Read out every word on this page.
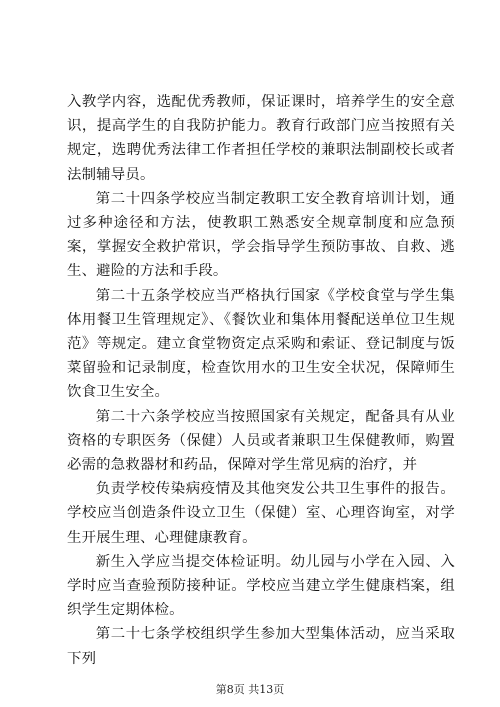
入教学内容，选配优秀教师，保证课时，培养学生的安全意识，提高学生的自我防护能力。教育行政部门应当按照有关规定，选聘优秀法律工作者担任学校的兼职法制副校长或者法制辅导员。

第二十四条学校应当制定教职工安全教育培训计划，通过多种途径和方法，使教职工熟悉安全规章制度和应急预案，掌握安全救护常识，学会指导学生预防事故、自救、逃生、避险的方法和手段。

第二十五条学校应当严格执行国家《学校食堂与学生集体用餐卫生管理规定》、《餐饮业和集体用餐配送单位卫生规范》等规定。建立食堂物资定点采购和索证、登记制度与饭菜留验和记录制度，检查饮用水的卫生安全状况，保障师生饮食卫生安全。

第二十六条学校应当按照国家有关规定，配备具有从业资格的专职医务（保健）人员或者兼职卫生保健教师，购置必需的急救器材和药品，保障对学生常见病的治疗，并

负责学校传染病疫情及其他突发公共卫生事件的报告。学校应当创造条件设立卫生（保健）室、心理咨询室，对学生开展生理、心理健康教育。

新生入学应当提交体检证明。幼儿园与小学在入园、入学时应当查验预防接种证。学校应当建立学生健康档案，组织学生定期体检。

第二十七条学校组织学生参加大型集体活动，应当采取下列

第8页 共13页
